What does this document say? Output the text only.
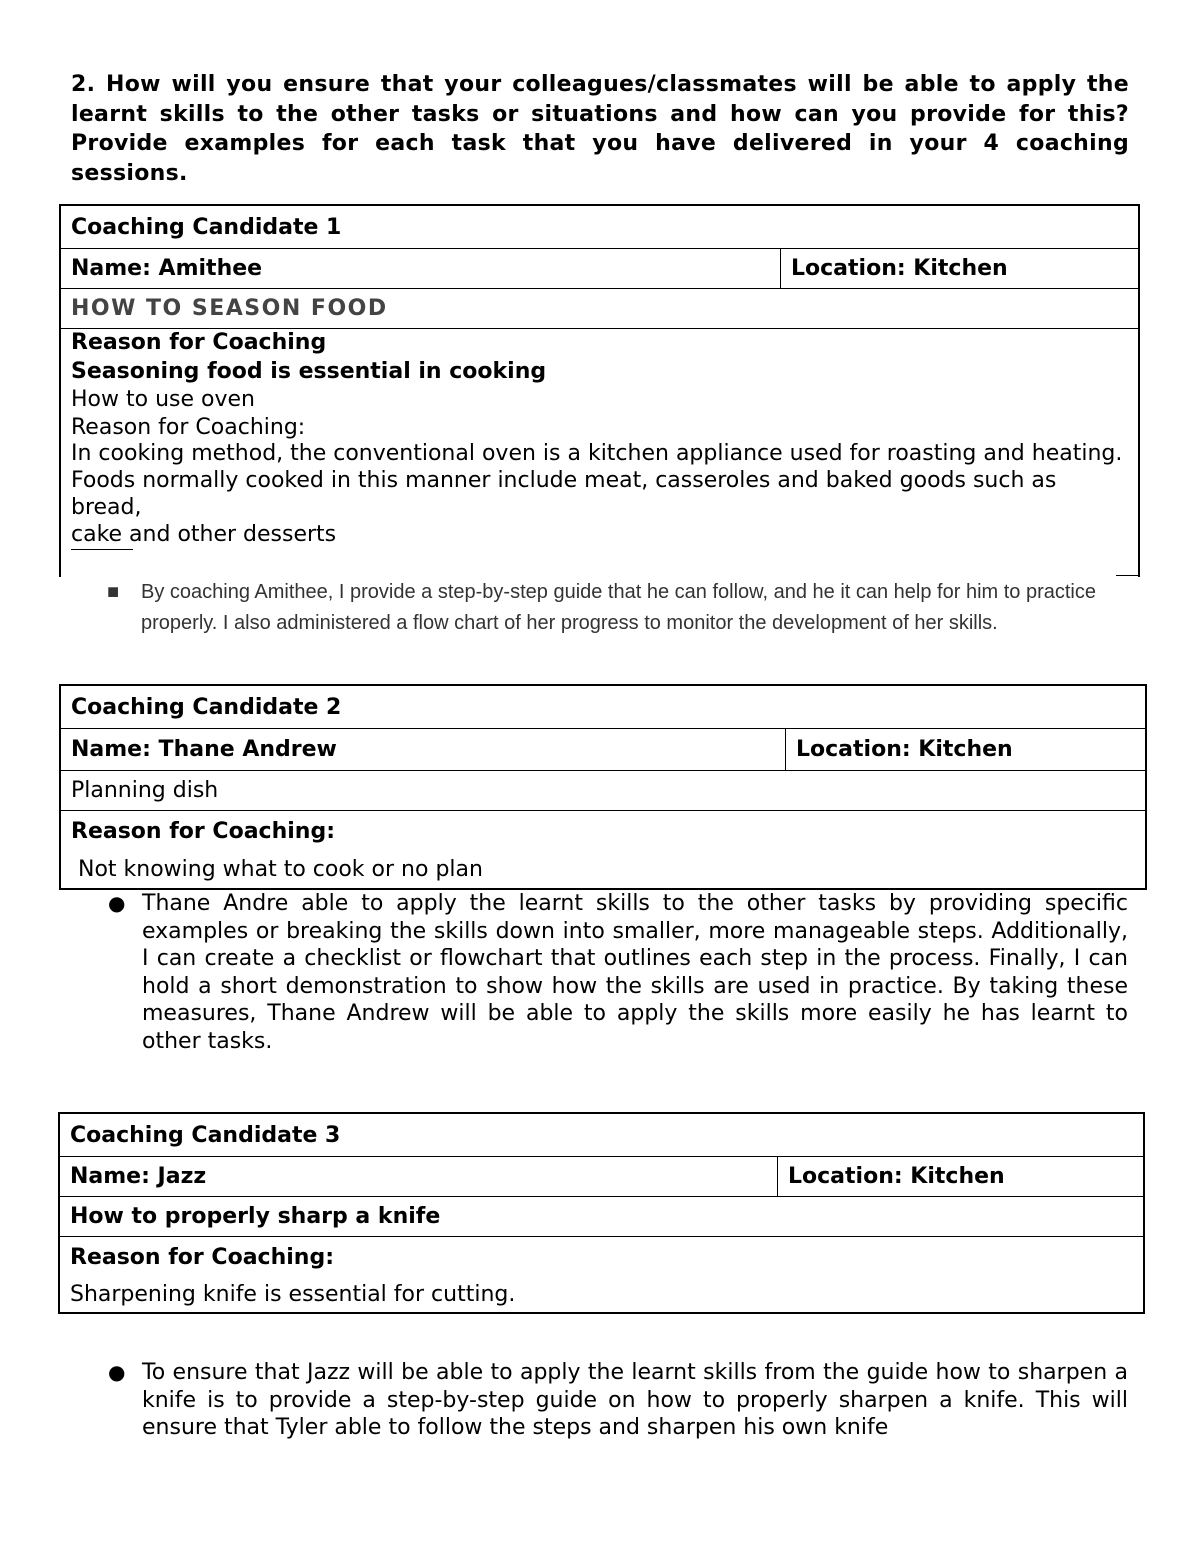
2. How will you ensure that your colleagues/classmates will be able to apply the learnt skills to the other tasks or situations and how can you provide for this? Provide examples for each task that you have delivered in your 4 coaching sessions.
Coaching Candidate 1
Name: Amithee	Location: Kitchen
HOW TO SEASON FOOD
Reason for Coaching
Seasoning food is essential in cooking
How to use oven
Reason for Coaching:
In cooking method, the conventional oven is a kitchen appliance used for roasting and heating.
Foods normally cooked in this manner include meat, casseroles and baked goods such as bread,
cake and other desserts
■ By coaching Amithee, I provide a step-by-step guide that he can follow, and he it can help for him to practice properly. I also administered a flow chart of her progress to monitor the development of her skills.
Coaching Candidate 2
Name: Thane Andrew	Location: Kitchen
Planning dish
Reason for Coaching:
Not knowing what to cook or no plan
● Thane Andre able to apply the learnt skills to the other tasks by providing specific examples or breaking the skills down into smaller, more manageable steps. Additionally, I can create a checklist or flowchart that outlines each step in the process. Finally, I can hold a short demonstration to show how the skills are used in practice. By taking these measures, Thane Andrew will be able to apply the skills more easily he has learnt to other tasks.
Coaching Candidate 3
Name: Jazz	Location: Kitchen
How to properly sharp a knife
Reason for Coaching:
Sharpening knife is essential for cutting.
● To ensure that Jazz will be able to apply the learnt skills from the guide how to sharpen a knife is to provide a step-by-step guide on how to properly sharpen a knife. This will ensure that Tyler able to follow the steps and sharpen his own knife
